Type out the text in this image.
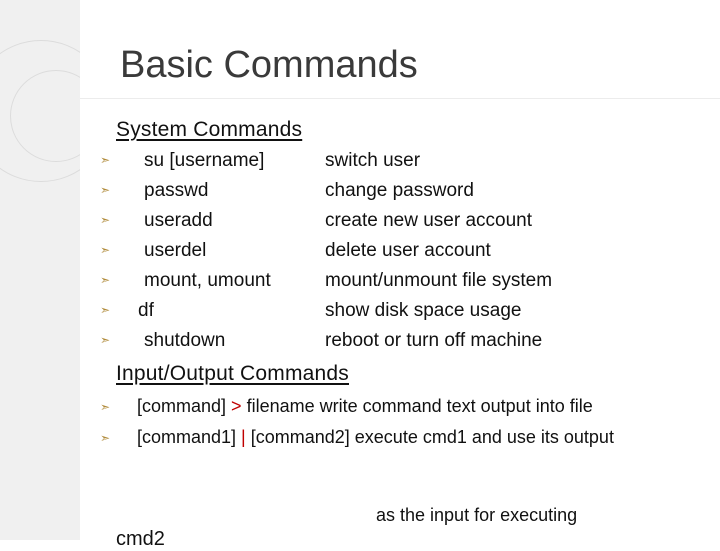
Basic Commands
System Commands
➣	su [username]	switch user
➣	passwd	change password
➣	useradd	create new user account
➣	userdel	delete user account
➣	mount, umount	mount/unmount file system
➣	df	show disk space usage
➣	shutdown	reboot or turn off machine
Input/Output Commands
➣	[command] > filename write command text output into file
➣	[command1] | [command2] execute cmd1 and use its output
as the input for executing
cmd2
